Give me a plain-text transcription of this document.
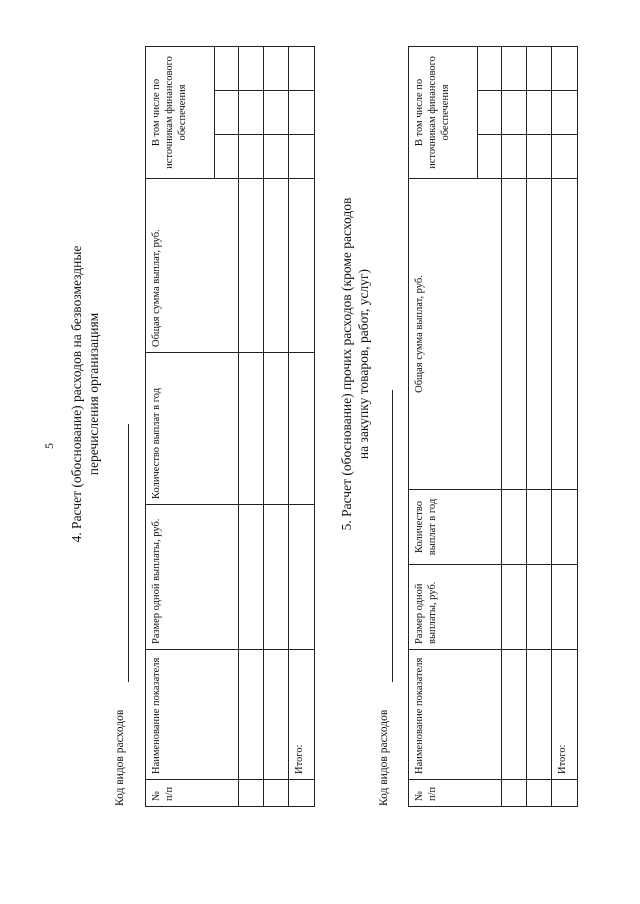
5 4. Расчет (обоснование) расходов на безвозмездные перечисления организациям
Код видов расходов № п/п	Наименование показателя	Размер одной выплаты, руб.	Количество выплат в год	Общая сумма выплат, руб.	В том числе по источникам финансового обеспечения		

	Итого:						
5. Расчет (обоснование) прочих расходов (кроме расходов на закупку товаров, работ, услуг)
Код видов расходов № п/п	Наименование показателя	Размер одной выплаты, руб.	Количество выплат в год	Общая сумма выплат, руб.	В том числе по источникам финансового обеспечения		

	Итого:						
